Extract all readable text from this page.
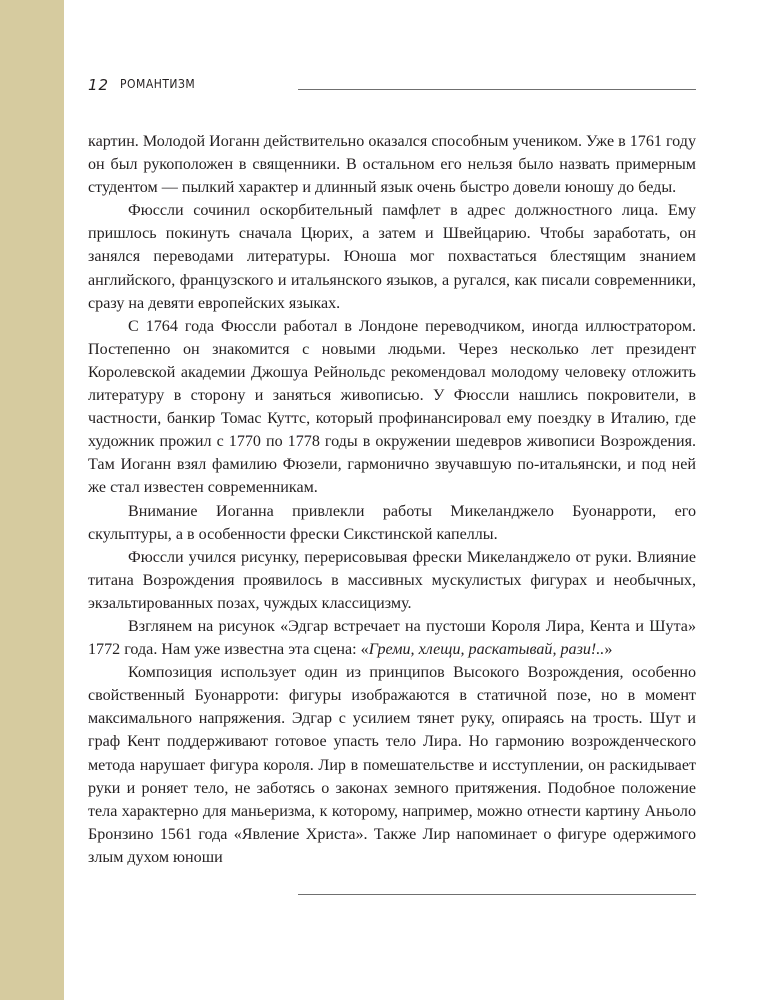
12 РОМАНТИЗМ

картин. Молодой Иоганн действительно оказался способным учеником. Уже в 1761 году он был рукоположен в священники. В остальном его нельзя было назвать примерным студентом — пылкий характер и длинный язык очень быстро довели юношу до беды.

Фюссли сочинил оскорбительный памфлет в адрес должностного лица. Ему пришлось покинуть сначала Цюрих, а затем и Швейцарию. Чтобы заработать, он занялся переводами литературы. Юноша мог похвастаться блестящим знанием английского, французского и итальянского языков, а ругался, как писали современники, сразу на девяти европейских языках.

С 1764 года Фюссли работал в Лондоне переводчиком, иногда иллюстратором. Постепенно он знакомится с новыми людьми. Через несколько лет президент Королевской академии Джошуа Рейнольдс рекомендовал молодому человеку отложить литературу в сторону и заняться живописью. У Фюссли нашлись покровители, в частности, банкир Томас Куттс, который профинансировал ему поездку в Италию, где художник прожил с 1770 по 1778 годы в окружении шедевров живописи Возрождения. Там Иоганн взял фамилию Фюзели, гармонично звучавшую по-итальянски, и под ней же стал известен современникам.

Внимание Иоганна привлекли работы Микеланджело Буонарроти, его скульптуры, а в особенности фрески Сикстинской капеллы.

Фюссли учился рисунку, перерисовывая фрески Микеланджело от руки. Влияние титана Возрождения проявилось в массивных мускулистых фигурах и необычных, экзальтированных позах, чуждых классицизму.

Взглянем на рисунок «Эдгар встречает на пустоши Короля Лира, Кента и Шута» 1772 года. Нам уже известна эта сцена: «Греми, хлещи, раскатывай, рази!..»

Композиция использует один из принципов Высокого Возрождения, особенно свойственный Буонарроти: фигуры изображаются в статичной позе, но в момент максимального напряжения. Эдгар с усилием тянет руку, опираясь на трость. Шут и граф Кент поддерживают готовое упасть тело Лира. Но гармонию возрожденческого метода нарушает фигура короля. Лир в помешательстве и исступлении, он раскидывает руки и роняет тело, не заботясь о законах земного притяжения. Подобное положение тела характерно для маньеризма, к которому, например, можно отнести картину Аньоло Бронзино 1561 года «Явление Христа». Также Лир напоминает о фигуре одержимого злым духом юноши
